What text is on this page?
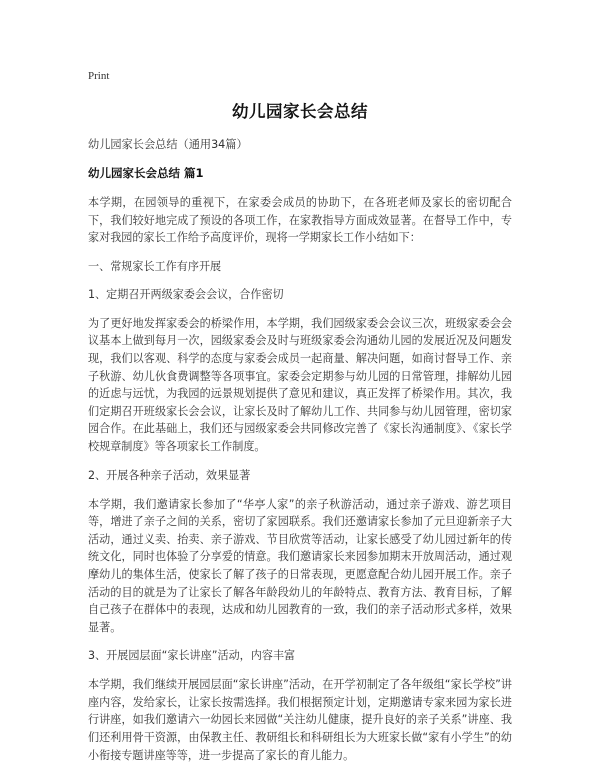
Print
幼儿园家长会总结
幼儿园家长会总结（通用34篇）
幼儿园家长会总结 篇1

本学期，在园领导的重视下，在家委会成员的协助下，在各班老师及家长的密切配合下，我们较好地完成了预设的各项工作，在家教指导方面成效显著。在督导工作中，专家对我园的家长工作给予高度评价，现将一学期家长工作小结如下：

一、常规家长工作有序开展
1、定期召开两级家委会会议，合作密切

为了更好地发挥家委会的桥梁作用，本学期，我们园级家委会会议三次，班级家委会会议基本上做到每月一次，园级家委会及时与班级家委会沟通幼儿园的发展近况及问题发现，我们以客观、科学的态度与家委会成员一起商量、解决问题，如商讨督导工作、亲子秋游、幼儿伙食费调整等各项事宜。家委会定期参与幼儿园的日常管理，排解幼儿园的近虑与远忧，为我园的远景规划提供了意见和建议，真正发挥了桥梁作用。其次，我们定期召开班级家长会会议，让家长及时了解幼儿工作、共同参与幼儿园管理，密切家园合作。在此基础上，我们还与园级家委会共同修改完善了《家长沟通制度》、《家长学校规章制度》等各项家长工作制度。

2、开展各种亲子活动，效果显著

本学期，我们邀请家长参加了“华亭人家”的亲子秋游活动，通过亲子游戏、游艺项目等，增进了亲子之间的关系，密切了家园联系。我们还邀请家长参加了元旦迎新亲子大活动，通过义卖、抬卖、亲子游戏、节目欣赏等活动，让家长感受了幼儿园过新年的传统文化，同时也体验了分享爱的情意。我们邀请家长来园参加期末开放周活动，通过观摩幼儿的集体生活，使家长了解了孩子的日常表现，更愿意配合幼儿园开展工作。亲子活动的目的就是为了让家长了解各年龄段幼儿的年龄特点、教育方法、教育目标，了解自己孩子在群体中的表现，达成和幼儿园教育的一致，我们的亲子活动形式多样，效果显著。

3、开展园层面“家长讲座”活动，内容丰富

本学期，我们继续开展园层面“家长讲座”活动，在开学初制定了各年级组“家长学校”讲座内容，发给家长，让家长按需选择。我们根据预定计划，定期邀请专家来园为家长进行讲座，如我们邀请六一幼园长来园做“关注幼儿健康，提升良好的亲子关系”讲座、我们还利用骨干资源，由保教主任、教研组长和科研组长为大班家长做“家有小学生”的幼小衔接专题讲座等等，进一步提高了家长的育儿能力。
